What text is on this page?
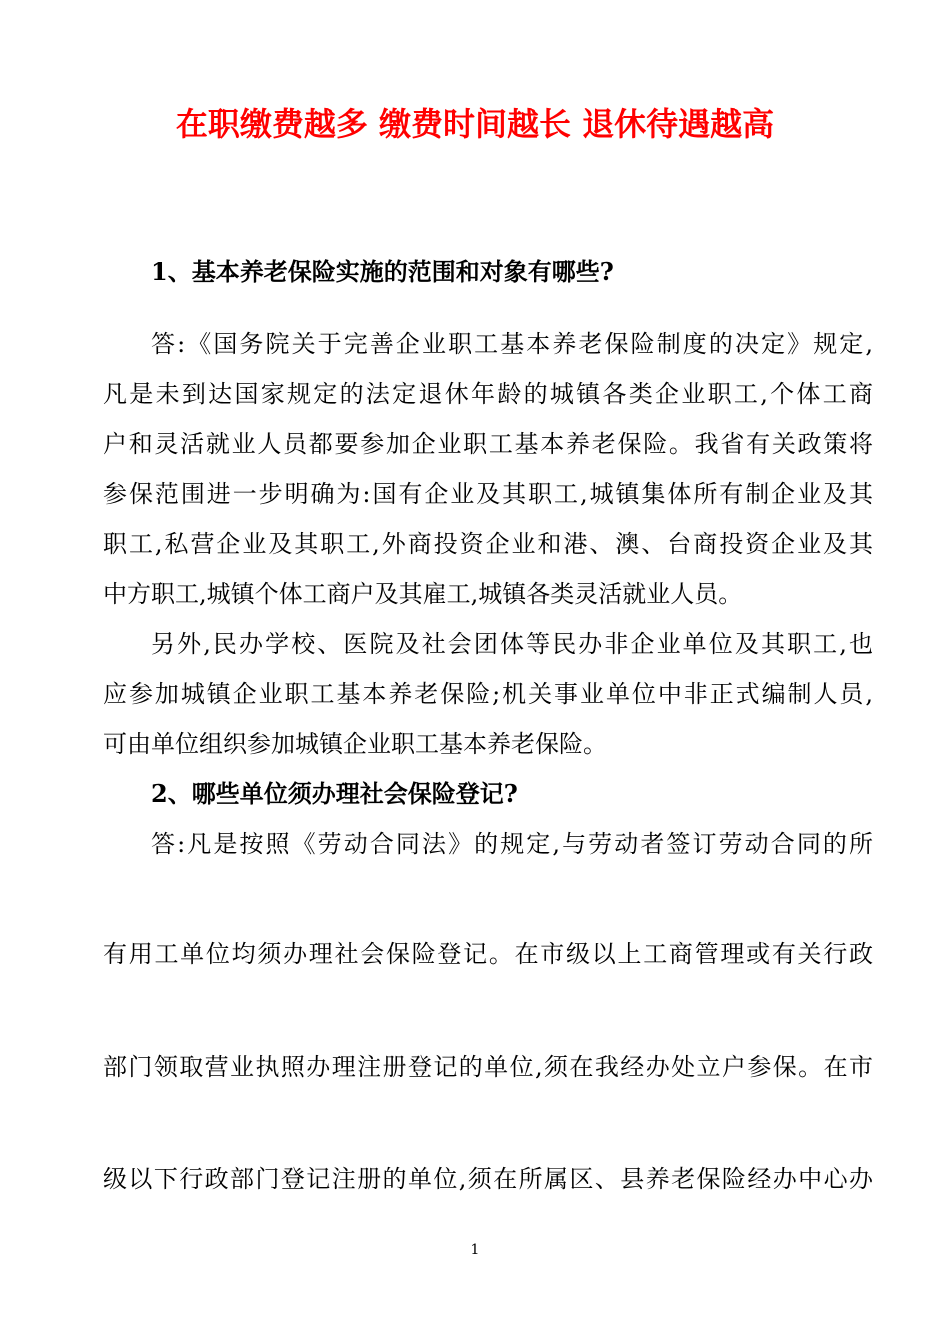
在职缴费越多 缴费时间越长 退休待遇越高
1、基本养老保险实施的范围和对象有哪些?
答:《国务院关于完善企业职工基本养老保险制度的决定》规定,
凡是未到达国家规定的法定退休年龄的城镇各类企业职工,个体工商
户和灵活就业人员都要参加企业职工基本养老保险。我省有关政策将
参保范围进一步明确为:国有企业及其职工,城镇集体所有制企业及其
职工,私营企业及其职工,外商投资企业和港、澳、台商投资企业及其
中方职工,城镇个体工商户及其雇工,城镇各类灵活就业人员。
另外,民办学校、医院及社会团体等民办非企业单位及其职工,也
应参加城镇企业职工基本养老保险;机关事业单位中非正式编制人员,
可由单位组织参加城镇企业职工基本养老保险。
2、哪些单位须办理社会保险登记?
答:凡是按照《劳动合同法》的规定,与劳动者签订劳动合同的所
有用工单位均须办理社会保险登记。在市级以上工商管理或有关行政
部门领取营业执照办理注册登记的单位,须在我经办处立户参保。在市
级以下行政部门登记注册的单位,须在所属区、县养老保险经办中心办
1
